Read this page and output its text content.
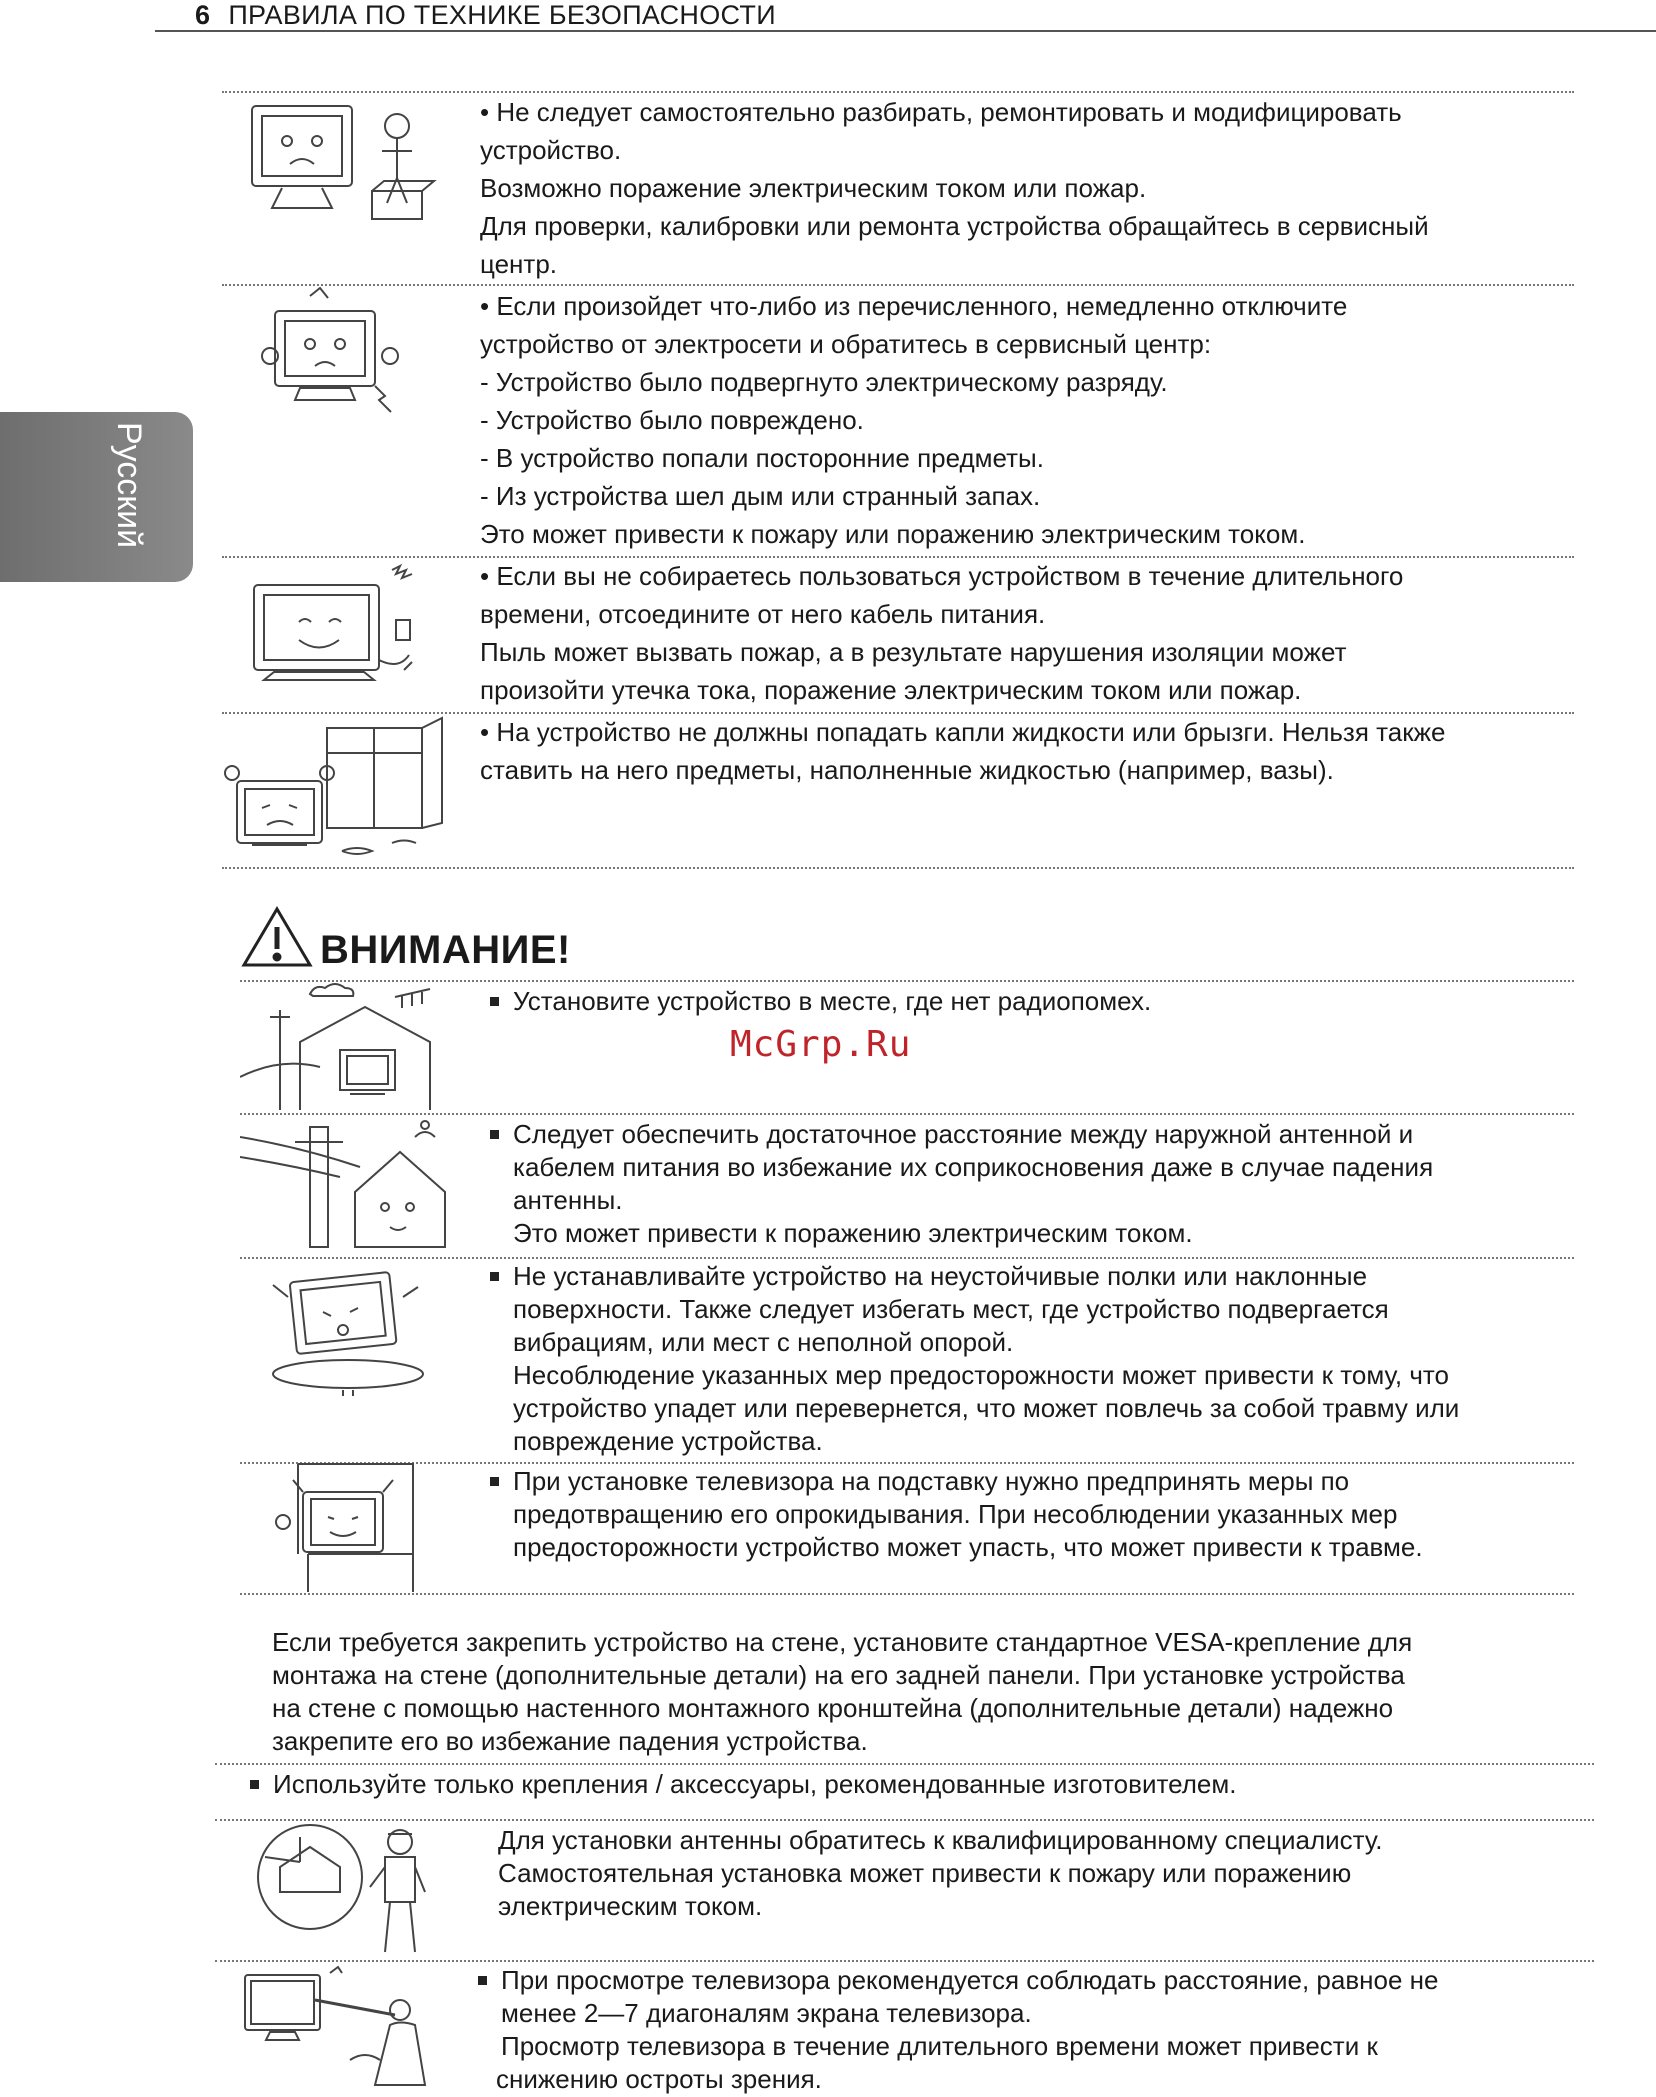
6 ПРАВИЛА ПО ТЕХНИКЕ БЕЗОПАСНОСТИ
Русский
• Не следует самостоятельно разбирать, ремонтировать и модифицировать
устройство.
Возможно поражение электрическим током или пожар.
Для проверки, калибровки или ремонта устройства обращайтесь в сервисный
центр.
• Если произойдет что-либо из перечисленного, немедленно отключите
устройство от электросети и обратитесь в сервисный центр:
- Устройство было подвергнуто электрическому разряду.
- Устройство было повреждено.
- В устройство попали посторонние предметы.
- Из устройства шел дым или странный запах.
Это может привести к пожару или поражению электрическим током.
• Если вы не собираетесь пользоваться устройством в течение длительного
времени, отсоедините от него кабель питания.
Пыль может вызвать пожар, а в результате нарушения изоляции может
произойти утечка тока, поражение электрическим током или пожар.
• На устройство не должны попадать капли жидкости или брызги. Нельзя также
ставить на него предметы, наполненные жидкостью (например, вазы).
ВНИМАНИЕ!
Установите устройство в месте, где нет радиопомех.
McGrp.Ru
Следует обеспечить достаточное расстояние между наружной антенной и
кабелем питания во избежание их соприкосновения даже в случае падения
антенны.
Это может привести к поражению электрическим током.
Не устанавливайте устройство на неустойчивые полки или наклонные
поверхности. Также следует избегать мест, где устройство подвергается
вибрациям, или мест с неполной опорой.
Несоблюдение указанных мер предосторожности может привести к тому, что
устройство упадет или перевернется, что может повлечь за собой травму или
повреждение устройства.
При установке телевизора на подставку нужно предпринять меры по
предотвращению его опрокидывания. При несоблюдении указанных мер
предосторожности устройство может упасть, что может привести к травме.
Если требуется закрепить устройство на стене, установите стандартное VESA-крепление для
монтажа на стене (дополнительные детали) на его задней панели. При установке устройства
на стене с помощью настенного монтажного кронштейна (дополнительные детали) надежно
закрепите его во избежание падения устройства.
Используйте только крепления / аксессуары, рекомендованные изготовителем.
Для установки антенны обратитесь к квалифицированному специалисту.
Самостоятельная установка может привести к пожару или поражению
электрическим током.
При просмотре телевизора рекомендуется соблюдать расстояние, равное не
менее 2—7 диагоналям экрана телевизора.
Просмотр телевизора в течение длительного времени может привести к
снижению остроты зрения.
